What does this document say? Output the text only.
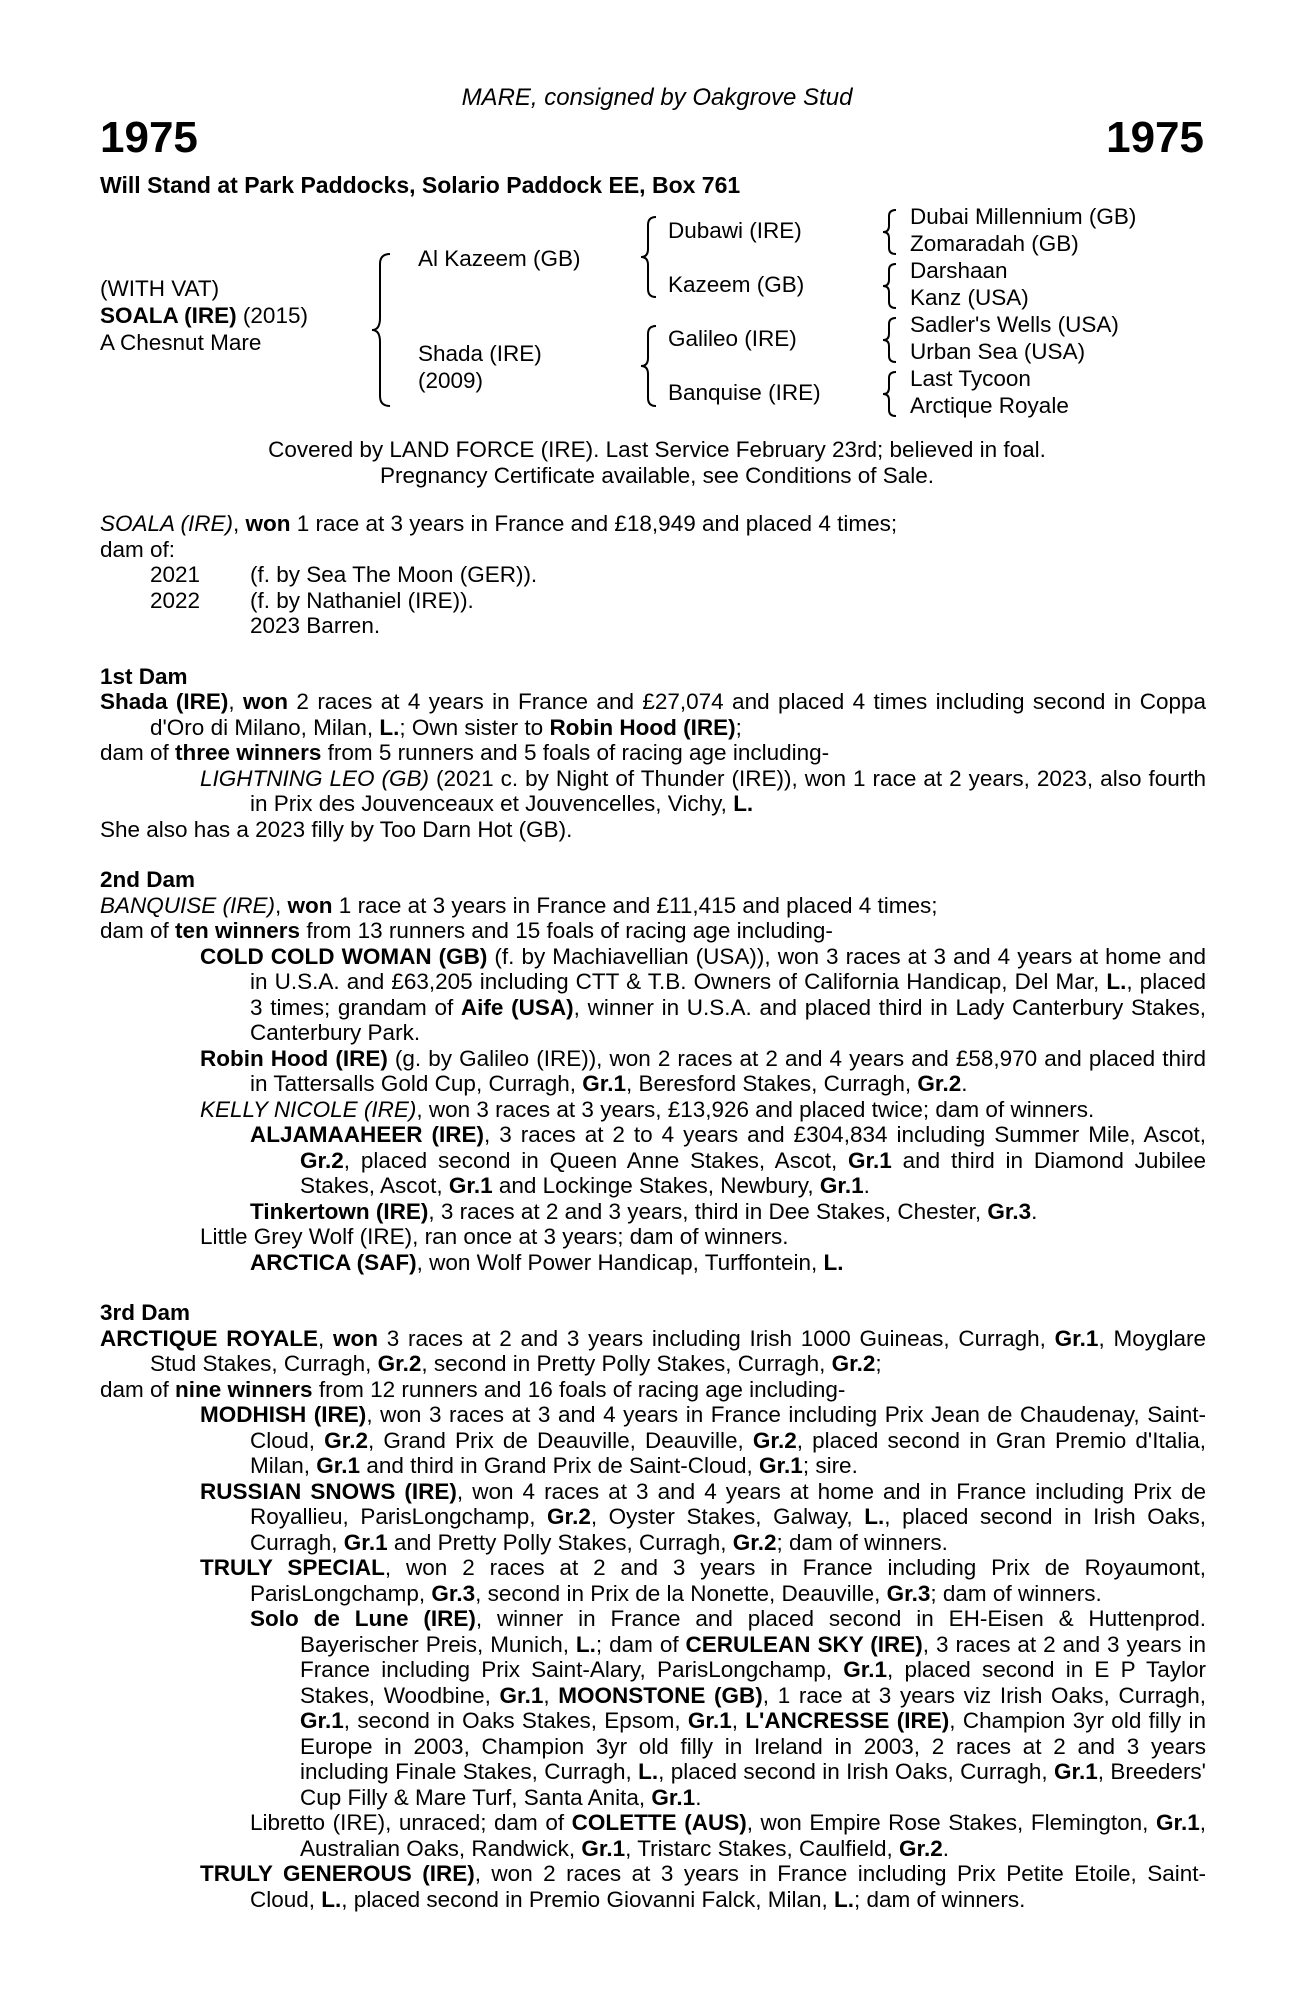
MARE, consigned by Oakgrove Stud
1975	1975
Will Stand at Park Paddocks, Solario Paddock EE, Box 761
(WITH VAT)
SOALA (IRE) (2015)
A Chesnut Mare
Al Kazeem (GB)
Shada (IRE)
(2009)
Dubawi (IRE)
Kazeem (GB)
Galileo (IRE)
Banquise (IRE)
Dubai Millennium (GB)
Zomaradah (GB)
Darshaan
Kanz (USA)
Sadler's Wells (USA)
Urban Sea (USA)
Last Tycoon
Arctique Royale
Covered by LAND FORCE (IRE). Last Service February 23rd; believed in foal.
Pregnancy Certificate available, see Conditions of Sale.

SOALA (IRE), won 1 race at 3 years in France and £18,949 and placed 4 times;

dam of:

2021 (f. by Sea The Moon (GER)).

2022 (f. by Nathaniel (IRE)).

2023 Barren.

1st Dam

Shada (IRE), won 2 races at 4 years in France and £27,074 and placed 4 times including second in Coppa d'Oro di Milano, Milan, L.; Own sister to Robin Hood (IRE);

dam of three winners from 5 runners and 5 foals of racing age including-

LIGHTNING LEO (GB) (2021 c. by Night of Thunder (IRE)), won 1 race at 2 years, 2023, also fourth in Prix des Jouvenceaux et Jouvencelles, Vichy, L.

She also has a 2023 filly by Too Darn Hot (GB).

2nd Dam

BANQUISE (IRE), won 1 race at 3 years in France and £11,415 and placed 4 times;

dam of ten winners from 13 runners and 15 foals of racing age including-

COLD COLD WOMAN (GB) (f. by Machiavellian (USA)), won 3 races at 3 and 4 years at home and in U.S.A. and £63,205 including CTT & T.B. Owners of California Handicap, Del Mar, L., placed 3 times; grandam of Aife (USA), winner in U.S.A. and placed third in Lady Canterbury Stakes, Canterbury Park.

Robin Hood (IRE) (g. by Galileo (IRE)), won 2 races at 2 and 4 years and £58,970 and placed third in Tattersalls Gold Cup, Curragh, Gr.1, Beresford Stakes, Curragh, Gr.2.

KELLY NICOLE (IRE), won 3 races at 3 years, £13,926 and placed twice; dam of winners.

ALJAMAAHEER (IRE), 3 races at 2 to 4 years and £304,834 including Summer Mile, Ascot, Gr.2, placed second in Queen Anne Stakes, Ascot, Gr.1 and third in Diamond Jubilee Stakes, Ascot, Gr.1 and Lockinge Stakes, Newbury, Gr.1.

Tinkertown (IRE), 3 races at 2 and 3 years, third in Dee Stakes, Chester, Gr.3.

Little Grey Wolf (IRE), ran once at 3 years; dam of winners.

ARCTICA (SAF), won Wolf Power Handicap, Turffontein, L.

3rd Dam

ARCTIQUE ROYALE, won 3 races at 2 and 3 years including Irish 1000 Guineas, Curragh, Gr.1, Moyglare Stud Stakes, Curragh, Gr.2, second in Pretty Polly Stakes, Curragh, Gr.2;

dam of nine winners from 12 runners and 16 foals of racing age including-

MODHISH (IRE), won 3 races at 3 and 4 years in France including Prix Jean de Chaudenay, Saint-Cloud, Gr.2, Grand Prix de Deauville, Deauville, Gr.2, placed second in Gran Premio d'Italia, Milan, Gr.1 and third in Grand Prix de Saint-Cloud, Gr.1; sire.

RUSSIAN SNOWS (IRE), won 4 races at 3 and 4 years at home and in France including Prix de Royallieu, ParisLongchamp, Gr.2, Oyster Stakes, Galway, L., placed second in Irish Oaks, Curragh, Gr.1 and Pretty Polly Stakes, Curragh, Gr.2; dam of winners.

TRULY SPECIAL, won 2 races at 2 and 3 years in France including Prix de Royaumont, ParisLongchamp, Gr.3, second in Prix de la Nonette, Deauville, Gr.3; dam of winners.

Solo de Lune (IRE), winner in France and placed second in EH-Eisen & Huttenprod. Bayerischer Preis, Munich, L.; dam of CERULEAN SKY (IRE), 3 races at 2 and 3 years in France including Prix Saint-Alary, ParisLongchamp, Gr.1, placed second in E P Taylor Stakes, Woodbine, Gr.1, MOONSTONE (GB), 1 race at 3 years viz Irish Oaks, Curragh, Gr.1, second in Oaks Stakes, Epsom, Gr.1, L'ANCRESSE (IRE), Champion 3yr old filly in Europe in 2003, Champion 3yr old filly in Ireland in 2003, 2 races at 2 and 3 years including Finale Stakes, Curragh, L., placed second in Irish Oaks, Curragh, Gr.1, Breeders' Cup Filly & Mare Turf, Santa Anita, Gr.1.

Libretto (IRE), unraced; dam of COLETTE (AUS), won Empire Rose Stakes, Flemington, Gr.1, Australian Oaks, Randwick, Gr.1, Tristarc Stakes, Caulfield, Gr.2.

TRULY GENEROUS (IRE), won 2 races at 3 years in France including Prix Petite Etoile, Saint-Cloud, L., placed second in Premio Giovanni Falck, Milan, L.; dam of winners.
